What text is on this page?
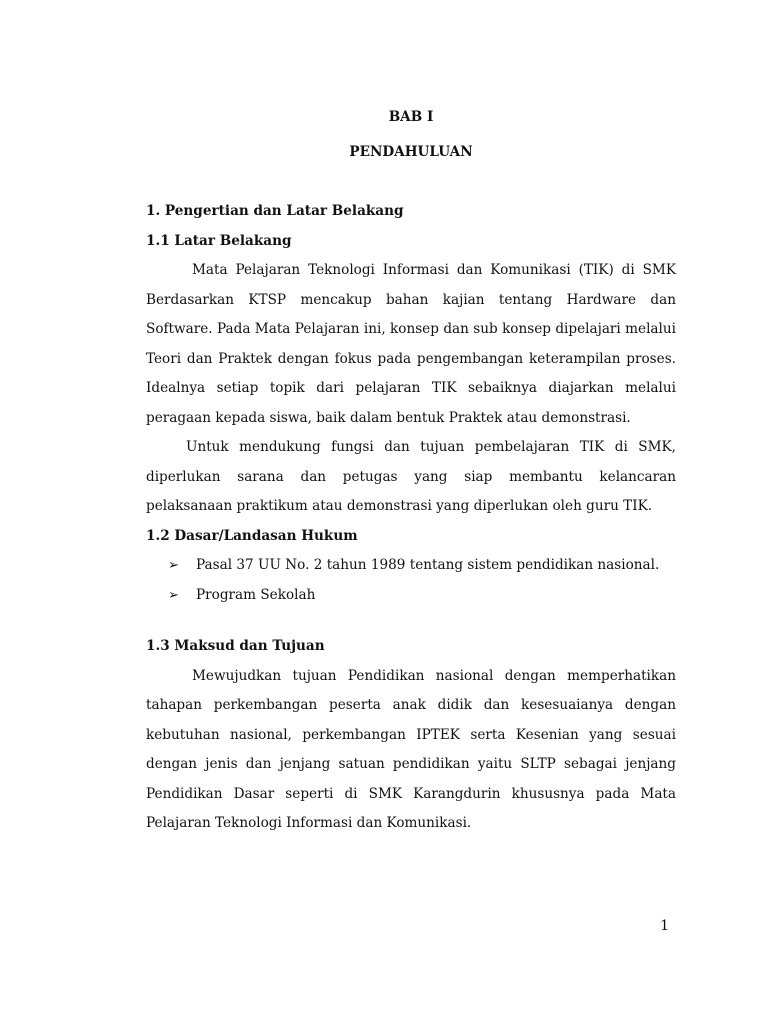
BAB I

PENDAHULUAN

1. Pengertian dan Latar Belakang

1.1 Latar Belakang

Mata Pelajaran Teknologi Informasi dan Komunikasi (TIK) di SMK Berdasarkan KTSP mencakup bahan kajian tentang Hardware dan Software. Pada Mata Pelajaran ini, konsep dan sub konsep dipelajari melalui Teori dan Praktek dengan fokus pada pengembangan keterampilan proses. Idealnya setiap topik dari pelajaran TIK sebaiknya diajarkan melalui peragaan kepada siswa, baik dalam bentuk Praktek atau demonstrasi.

Untuk mendukung fungsi dan tujuan pembelajaran TIK di SMK, diperlukan sarana dan petugas yang siap membantu kelancaran pelaksanaan praktikum atau demonstrasi yang diperlukan oleh guru TIK.

1.2 Dasar/Landasan Hukum

➢	Pasal 37 UU No. 2 tahun 1989 tentang sistem pendidikan nasional.
➢	Program Sekolah

1.3 Maksud dan Tujuan

Mewujudkan tujuan Pendidikan nasional dengan memperhatikan tahapan perkembangan peserta anak didik dan kesesuaianya dengan kebutuhan nasional, perkembangan IPTEK serta Kesenian yang sesuai dengan jenis dan jenjang satuan pendidikan yaitu SLTP sebagai jenjang Pendidikan Dasar seperti di SMK Karangdurin khususnya pada Mata Pelajaran Teknologi Informasi dan Komunikasi.

1
